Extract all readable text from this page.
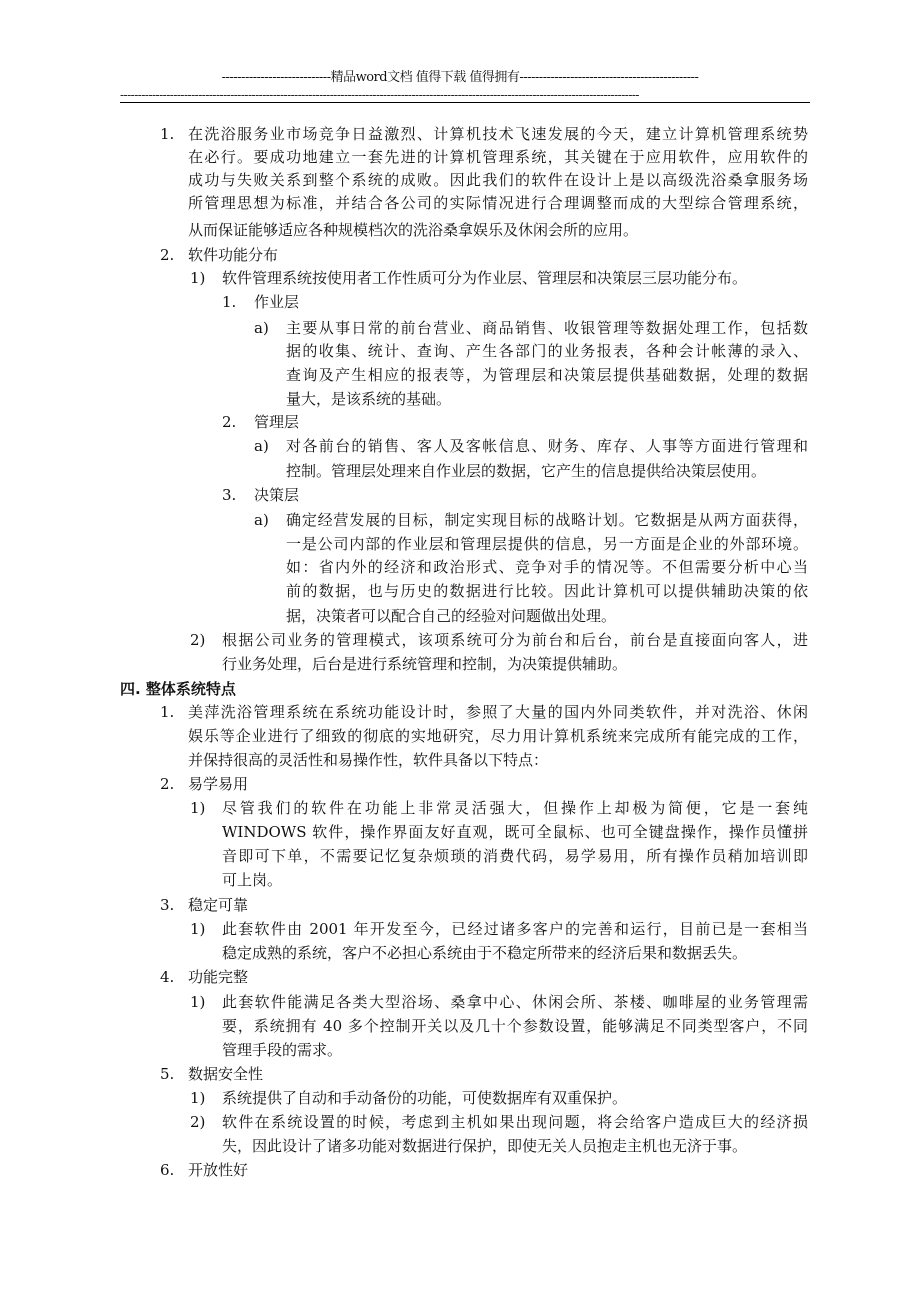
----------------------------精品word文档 值得下载 值得拥有----------------------------------------------
--------------------------------------------------------------------------------------------------------------------------------------------------
1. 在洗浴服务业市场竞争日益激烈、计算机技术飞速发展的今天，建立计算机管理系统势
在必行。要成功地建立一套先进的计算机管理系统，其关键在于应用软件，应用软件的
成功与失败关系到整个系统的成败。因此我们的软件在设计上是以高级洗浴桑拿服务场
所管理思想为标准，并结合各公司的实际情况进行合理调整而成的大型综合管理系统，
从而保证能够适应各种规模档次的洗浴桑拿娱乐及休闲会所的应用。
2. 软件功能分布
1) 软件管理系统按使用者工作性质可分为作业层、管理层和决策层三层功能分布。
1. 作业层
a) 主要从事日常的前台营业、商品销售、收银管理等数据处理工作，包括数
据的收集、统计、查询、产生各部门的业务报表，各种会计帐薄的录入、
查询及产生相应的报表等，为管理层和决策层提供基础数据，处理的数据
量大，是该系统的基础。
2. 管理层
a) 对各前台的销售、客人及客帐信息、财务、库存、人事等方面进行管理和
控制。管理层处理来自作业层的数据，它产生的信息提供给决策层使用。
3. 决策层
a) 确定经营发展的目标，制定实现目标的战略计划。它数据是从两方面获得，
一是公司内部的作业层和管理层提供的信息，另一方面是企业的外部环境。
如：省内外的经济和政治形式、竞争对手的情况等。不但需要分析中心当
前的数据，也与历史的数据进行比较。因此计算机可以提供辅助决策的依
据，决策者可以配合自己的经验对问题做出处理。
2) 根据公司业务的管理模式，该项系统可分为前台和后台，前台是直接面向客人，进
行业务处理，后台是进行系统管理和控制，为决策提供辅助。
四. 整体系统特点
1. 美萍洗浴管理系统在系统功能设计时，参照了大量的国内外同类软件，并对洗浴、休闲
娱乐等企业进行了细致的彻底的实地研究，尽力用计算机系统来完成所有能完成的工作，
并保持很高的灵活性和易操作性，软件具备以下特点：
2. 易学易用
1) 尽管我们的软件在功能上非常灵活强大，但操作上却极为简便，它是一套纯
WINDOWS 软件，操作界面友好直观，既可全鼠标、也可全键盘操作，操作员懂拼
音即可下单，不需要记忆复杂烦琐的消费代码，易学易用，所有操作员稍加培训即
可上岗。
3. 稳定可靠
1) 此套软件由 2001 年开发至今，已经过诸多客户的完善和运行，目前已是一套相当
稳定成熟的系统，客户不必担心系统由于不稳定所带来的经济后果和数据丢失。
4. 功能完整
1) 此套软件能满足各类大型浴场、桑拿中心、休闲会所、茶楼、咖啡屋的业务管理需
要，系统拥有 40 多个控制开关以及几十个参数设置，能够满足不同类型客户，不同
管理手段的需求。
5. 数据安全性
1) 系统提供了自动和手动备份的功能，可使数据库有双重保护。
2) 软件在系统设置的时候，考虑到主机如果出现问题，将会给客户造成巨大的经济损
失，因此设计了诸多功能对数据进行保护，即使无关人员抱走主机也无济于事。
6. 开放性好
